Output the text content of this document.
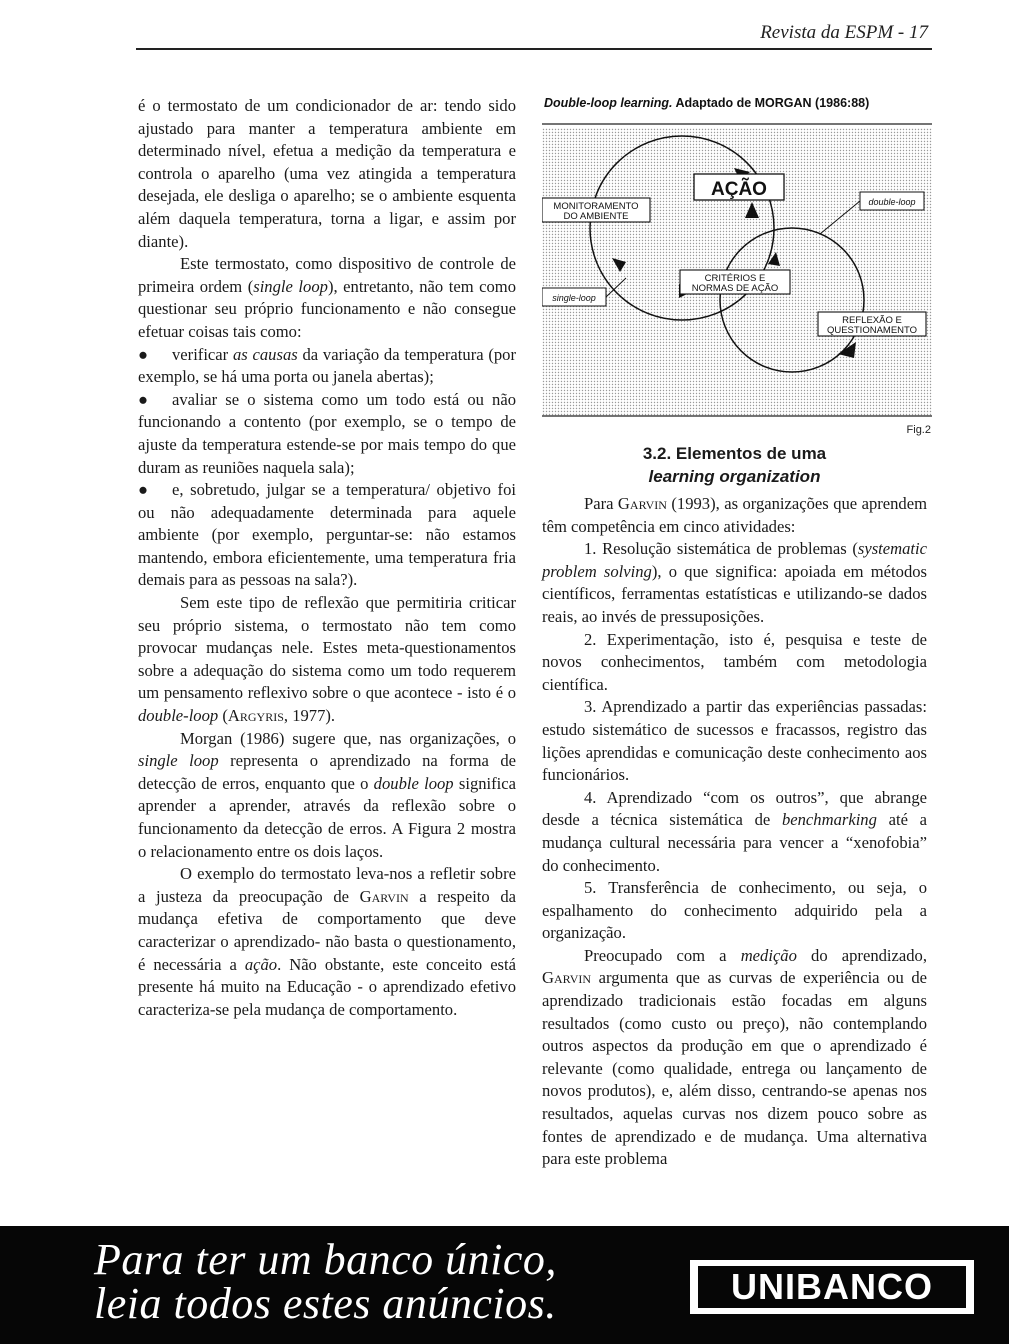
Revista da ESPM - 17

é o termostato de um condicionador de ar: tendo sido ajustado para manter a temperatura ambiente em determinado nível, efetua a medição da temperatura e controla o aparelho (uma vez atingida a temperatura desejada, ele desliga o aparelho; se o ambiente esquenta além daquela temperatura, torna a ligar, e assim por diante).

Este termostato, como dispositivo de controle de primeira ordem (single loop), entretanto, não tem como questionar seu próprio funcionamento e não consegue efetuar coisas tais como:

● verificar as causas da variação da temperatura (por exemplo, se há uma porta ou janela abertas);

● avaliar se o sistema como um todo está ou não funcionando a contento (por exemplo, se o tempo de ajuste da temperatura estende-se por mais tempo do que duram as reuniões naquela sala);

● e, sobretudo, julgar se a temperatura/ objetivo foi ou não adequadamente determinada para aquele ambiente (por exemplo, perguntar-se: não estamos mantendo, embora eficientemente, uma temperatura fria demais para as pessoas na sala?).

Sem este tipo de reflexão que permitiria criticar seu próprio sistema, o termostato não tem como provocar mudanças nele. Estes meta-questionamentos sobre a adequação do sistema como um todo requerem um pensamento reflexivo sobre o que acontece - isto é o double-loop (Argyris, 1977).

Morgan (1986) sugere que, nas organizações, o single loop representa o aprendizado na forma de detecção de erros, enquanto que o double loop significa aprender a aprender, através da reflexão sobre o funcionamento da detecção de erros. A Figura 2 mostra o relacionamento entre os dois laços.

O exemplo do termostato leva-nos a refletir sobre a justeza da preocupação de Garvin a respeito da mudança efetiva de comportamento que deve caracterizar o aprendizado- não basta o questionamento, é necessária a ação. Não obstante, este conceito está presente há muito na Educação - o aprendizado efetivo caracteriza-se pela mudança de comportamento.

Double-loop learning. Adaptado de MORGAN (1986:88)
AÇÃO
MONITORAMENTO
DO AMBIENTE
CRITÉRIOS E
NORMAS DE AÇÃO
REFLEXÃO E
QUESTIONAMENTO
single-loop
double-loop
Fig.2
3.2. Elementos de uma
learning organization

Para Garvin (1993), as organizações que aprendem têm competência em cinco atividades:

1. Resolução sistemática de problemas (systematic problem solving), o que significa: apoiada em métodos científicos, ferramentas estatísticas e utilizando-se dados reais, ao invés de pressuposições.

2. Experimentação, isto é, pesquisa e teste de novos conhecimentos, também com metodologia científica.

3. Aprendizado a partir das experiências passadas: estudo sistemático de sucessos e fracassos, registro das lições aprendidas e comunicação deste conhecimento aos funcionários.

4. Aprendizado “com os outros”, que abrange desde a técnica sistemática de benchmarking até a mudança cultural necessária para vencer a “xenofobia” do conhecimento.

5. Transferência de conhecimento, ou seja, o espalhamento do conhecimento adquirido pela a organização.

Preocupado com a medição do aprendizado, Garvin argumenta que as curvas de experiência ou de aprendizado tradicionais estão focadas em alguns resultados (como custo ou preço), não contemplando outros aspectos da produção em que o aprendizado é relevante (como qualidade, entrega ou lançamento de novos produtos), e, além disso, centrando-se apenas nos resultados, aquelas curvas nos dizem pouco sobre as fontes de aprendizado e de mudança. Uma alternativa para este problema

Para ter um banco único,
leia todos estes anúncios.	UNIBANCO
